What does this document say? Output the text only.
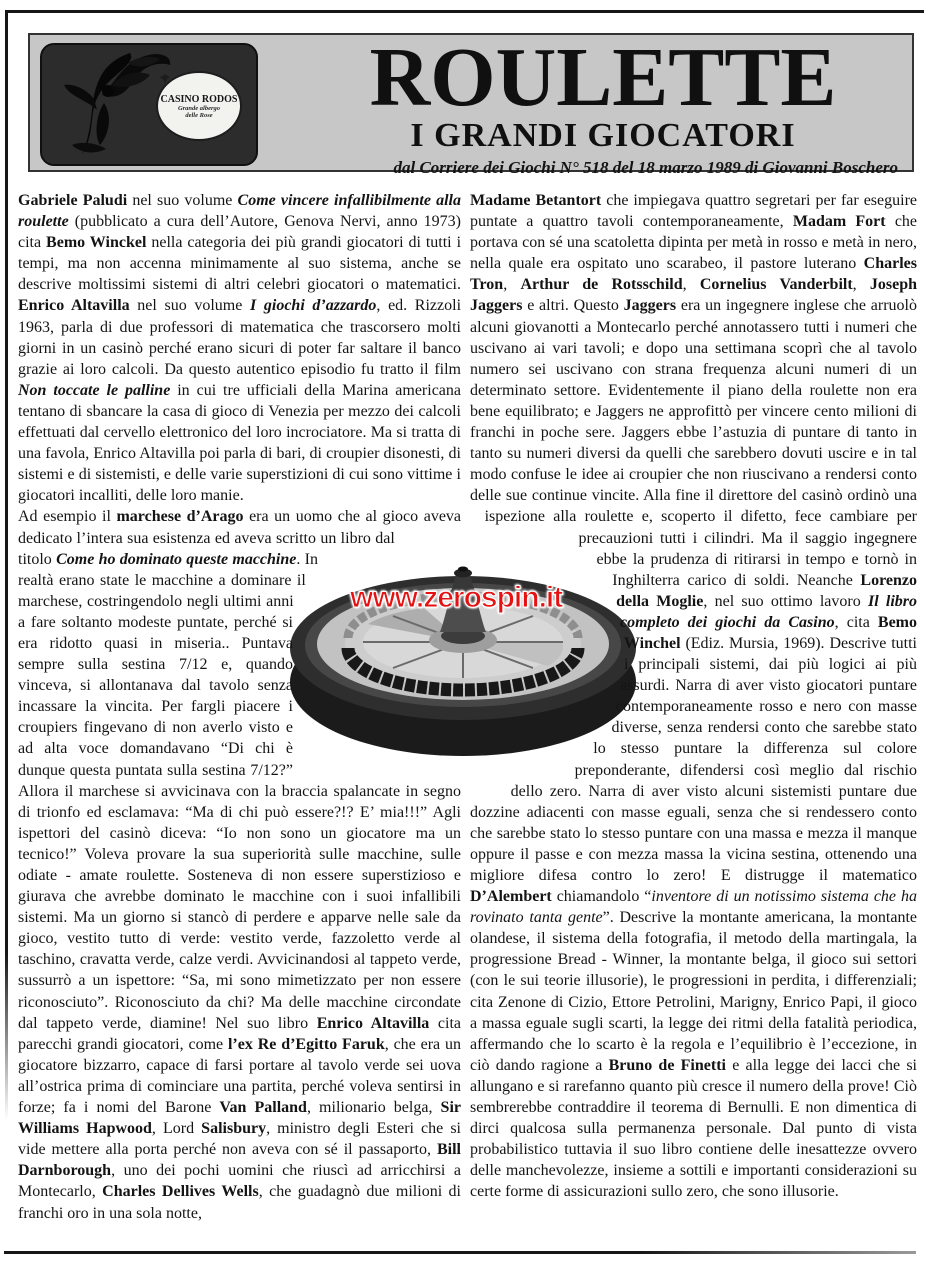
CASINO RODOS
Grande albergo
delle Rose	ROULETTE
I GRANDI GIOCATORI
dal Corriere dei Giochi N° 518 del 18 marzo 1989 di Giovanni Boschero
www.zerospin.it

Gabriele Paludi nel suo volume Come vincere infallibilmente alla roulette (pubblicato a cura dell’Autore, Genova Nervi, anno 1973) cita Bemo Winckel nella categoria dei più grandi giocatori di tutti i tempi, ma non accenna minimamente al suo sistema, anche se descrive moltissimi sistemi di altri celebri giocatori o matematici. Enrico Altavilla nel suo volume I giochi d’azzardo, ed. Rizzoli 1963, parla di due professori di matematica che trascorsero molti giorni in un casinò perché erano sicuri di poter far saltare il banco grazie ai loro calcoli. Da questo autentico episodio fu tratto il film Non toccate le palline in cui tre ufficiali della Marina americana tentano di sbancare la casa di gioco di Venezia per mezzo dei calcoli effettuati dal cervello elettronico del loro incrociatore. Ma si tratta di una favola, Enrico Altavilla poi parla di bari, di croupier disonesti, di sistemi e di sistemisti, e delle varie superstizioni di cui sono vittime i giocatori incalliti, delle loro manie.

Ad esempio il marchese d’Arago era un uomo che al gioco aveva dedicato l’intera sua esistenza ed aveva scritto un libro dal titolo Come ho dominato queste macchine. In realtà erano state le macchine a dominare il marchese, costringendolo negli ultimi anni a fare soltanto modeste puntate, perché si era ridotto quasi in miseria.. Puntava sempre sulla sestina 7/12 e, quando vinceva, si allontanava dal tavolo senza incassare la vincita. Per fargli piacere i croupiers fingevano di non averlo visto e ad alta voce domandavano “Di chi è dunque questa puntata sulla sestina 7/12?” Allora il marchese si avvicinava con la braccia spalancate in segno di trionfo ed esclamava: “Ma di chi può essere?!? E’ mia!!!” Agli ispettori del casinò diceva: “Io non sono un giocatore ma un tecnico!” Voleva provare la sua superiorità sulle macchine, sulle odiate - amate roulette. Sosteneva di non essere superstizioso e giurava che avrebbe dominato le macchine con i suoi infallibili sistemi. Ma un giorno si stancò di perdere e apparve nelle sale da gioco, vestito tutto di verde: vestito verde, fazzoletto verde al taschino, cravatta verde, calze verdi. Avvicinandosi al tappeto verde, sussurrò a un ispettore: “Sa, mi sono mimetizzato per non essere riconosciuto”. Riconosciuto da chi? Ma delle macchine circondate dal tappeto verde, diamine! Nel suo libro Enrico Altavilla cita parecchi grandi giocatori, come l’ex Re d’Egitto Faruk, che era un giocatore bizzarro, capace di farsi portare al tavolo verde sei uova all’ostrica prima di cominciare una partita, perché voleva sentirsi in forze; fa i nomi del Barone Van Palland, milionario belga, Sir Williams Hapwood, Lord Salisbury, ministro degli Esteri che si vide mettere alla porta perché non aveva con sé il passaporto, Bill Darnborough, uno dei pochi uomini che riuscì ad arricchirsi a Montecarlo, Charles Dellives Wells, che guadagnò due milioni di franchi oro in una sola notte,

Madame Betantort che impiegava quattro segretari per far eseguire puntate a quattro tavoli contemporaneamente, Madam Fort che portava con sé una scatoletta dipinta per metà in rosso e metà in nero, nella quale era ospitato uno scarabeo, il pastore luterano Charles Tron, Arthur de Rotsschild, Cornelius Vanderbilt, Joseph Jaggers e altri. Questo Jaggers era un ingegnere inglese che arruolò alcuni giovanotti a Montecarlo perché annotassero tutti i numeri che uscivano ai vari tavoli; e dopo una settimana scoprì che al tavolo numero sei uscivano con strana frequenza alcuni numeri di un determinato settore. Evidentemente il piano della roulette non era bene equilibrato; e Jaggers ne approfittò per vincere cento milioni di franchi in poche sere. Jaggers ebbe l’astuzia di puntare di tanto in tanto su numeri diversi da quelli che sarebbero dovuti uscire e in tal modo confuse le idee ai croupier che non riuscivano a rendersi conto delle sue continue vincite. Alla fine il direttore del casinò ordinò una ispezione alla roulette e, scoperto il difetto, fece cambiare per precauzioni tutti i cilindri. Ma il saggio ingegnere ebbe la prudenza di ritirarsi in tempo e tornò in Inghilterra carico di soldi. Neanche Lorenzo della Moglie, nel suo ottimo lavoro Il libro completo dei giochi da Casino, cita Bemo Winchel (Ediz. Mursia, 1969). Descrive tutti i principali sistemi, dai più logici ai più assurdi. Narra di aver visto giocatori puntare contemporaneamente rosso e nero con masse diverse, senza rendersi conto che sarebbe stato lo stesso puntare la differenza sul colore preponderante, difendersi così meglio dal rischio dello zero. Narra di aver visto alcuni sistemisti puntare due dozzine adiacenti con masse eguali, senza che si rendessero conto che sarebbe stato lo stesso puntare con una massa e mezza il manque oppure il passe e con mezza massa la vicina sestina, ottenendo una migliore difesa contro lo zero! E distrugge il matematico D’Alembert chiamandolo “inventore di un notissimo sistema che ha rovinato tanta gente”. Descrive la montante americana, la montante olandese, il sistema della fotografia, il metodo della martingala, la progressione Bread - Winner, la montante belga, il gioco sui settori (con le sui teorie illusorie), le progressioni in perdita, i differenziali; cita Zenone di Cizio, Ettore Petrolini, Marigny, Enrico Papi, il gioco a massa eguale sugli scarti, la legge dei ritmi della fatalità periodica, affermando che lo scarto è la regola e l’equilibrio è l’eccezione, in ciò dando ragione a Bruno de Finetti e alla legge dei lacci che si allungano e si rarefanno quanto più cresce il numero della prove! Ciò sembrerebbe contraddire il teorema di Bernulli. E non dimentica di dirci qualcosa sulla permanenza personale. Dal punto di vista probabilistico tuttavia il suo libro contiene delle inesattezze ovvero delle manchevolezze, insieme a sottili e importanti considerazioni su certe forme di assicurazioni sullo zero, che sono illusorie.
